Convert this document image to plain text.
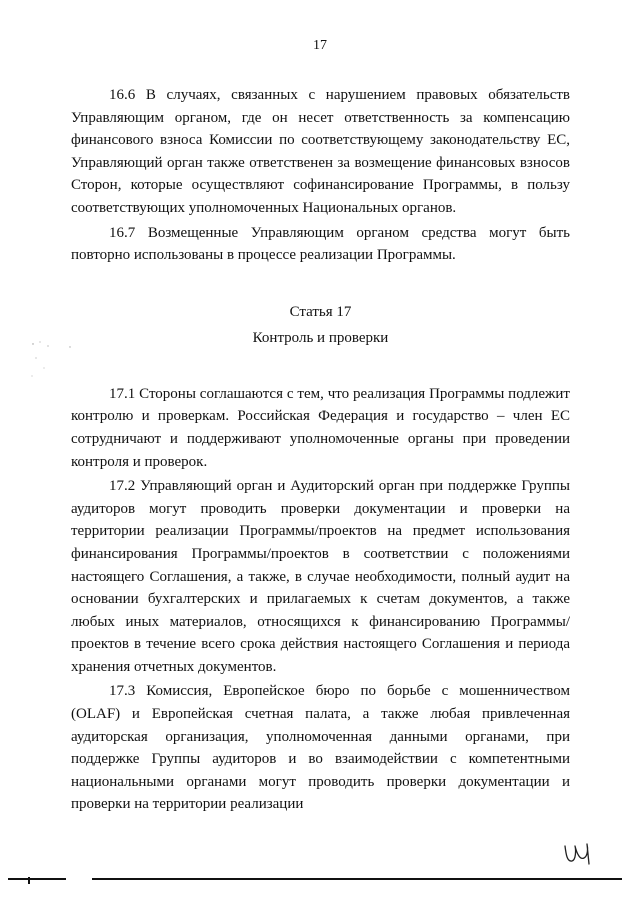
17

16.6 В случаях, связанных с нарушением правовых обязательств Управляющим органом, где он несет ответственность за компенсацию финансового взноса Комиссии по соответствующему законодательству ЕС, Управляющий орган также ответственен за возмещение финансовых взносов Сторон, которые осуществляют софинансирование Программы, в пользу соответствующих уполномоченных Национальных органов.

16.7 Возмещенные Управляющим органом средства могут быть повторно использованы в процессе реализации Программы.

Статья 17

Контроль и проверки

17.1 Стороны соглашаются с тем, что реализация Программы подлежит контролю и проверкам. Российская Федерация и государство – член ЕС сотрудничают и поддерживают уполномоченные органы при проведении контроля и проверок.

17.2 Управляющий орган и Аудиторский орган при поддержке Группы аудиторов могут проводить проверки документации и проверки на территории реализации Программы/проектов на предмет использования финансирования Программы/проектов в соответствии с положениями настоящего Соглашения, а также, в случае необходимости, полный аудит на основании бухгалтерских и прилагаемых к счетам документов, а также любых иных материалов, относящихся к финансированию Программы/проектов в течение всего срока действия настоящего Соглашения и периода хранения отчетных документов.

17.3 Комиссия, Европейское бюро по борьбе с мошенничеством (OLAF) и Европейская счетная палата, а также любая привлеченная аудиторская организация, уполномоченная данными органами, при поддержке Группы аудиторов и во взаимодействии с компетентными национальными органами могут проводить проверки документации и проверки на территории реализации
